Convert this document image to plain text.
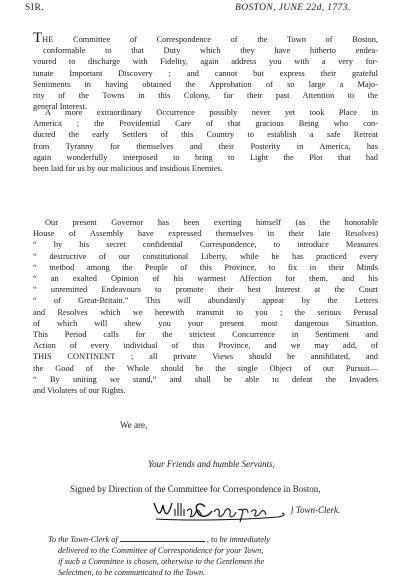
SIR.	BOSTON, JUNE 22d, 1773.
THE Committee of Correspondence of the Town of Boston,
conformable to that Duty which they have hitherto endea-
voured to discharge with Fidelity, again address you with a very for-
tunate Important Discovery ; and cannot but express their grateful
Sentiments in having obtained the Approbation of so large a Majo-
rity of the Towns in this Colony, for their past Attention to the
general Interest.
A more extraordinary Occurrence possibly never yet took Place in
America ; the Providential Care of that gracious Being who con-
ducted the early Settlers of this Country to establish a safe Retreat
from Tyranny for themselves and their Posterity in America, has
again wonderfully interposed to bring to Light the Plot that had
been laid for us by our malicious and insidious Enemies.
Our present Governor has been exerting himself (as the honorable
House of Assembly have expressed themselves in their late Resolves)
“ by his secret confidential Correspondence, to introduce Measures
“ destructive of our constitutional Liberty, while he has practiced every
“ method among the People of this Province, to fix in their Minds
“ an exalted Opinion of his warmest Affection for them, and his
“ unremitted Endeavours to promote their best Interest at the Court
“ of Great-Britain.” This will abundantly appear by the Letters
and Resolves which we herewith transmit to you ; the serious Perusal
of which will shew you your present most dangerous Situation.
This Period calls for the strictest Concurrence in Sentiment and
Action of every individual of this Province, and we may add, of
THIS CONTINENT ; all private Views should be annihilated, and
the Good of the Whole should be the single Object of our Pursuit—
“ By uniting we stand,” and shall be able to defeat the Invaders
and Violaters of our Rights.
We are,
Your Friends and humble Servants,
Signed by Direction of the Committee for Correspondence in Boston,
} Town-Clerk.
To the Town-Clerk of	, to be immediately
delivered to the Committee of Correspondence for your Town,
if such a Committee is chosen, otherwise to the Gentlemen the
Selectmen, to be communicated to the Town.
